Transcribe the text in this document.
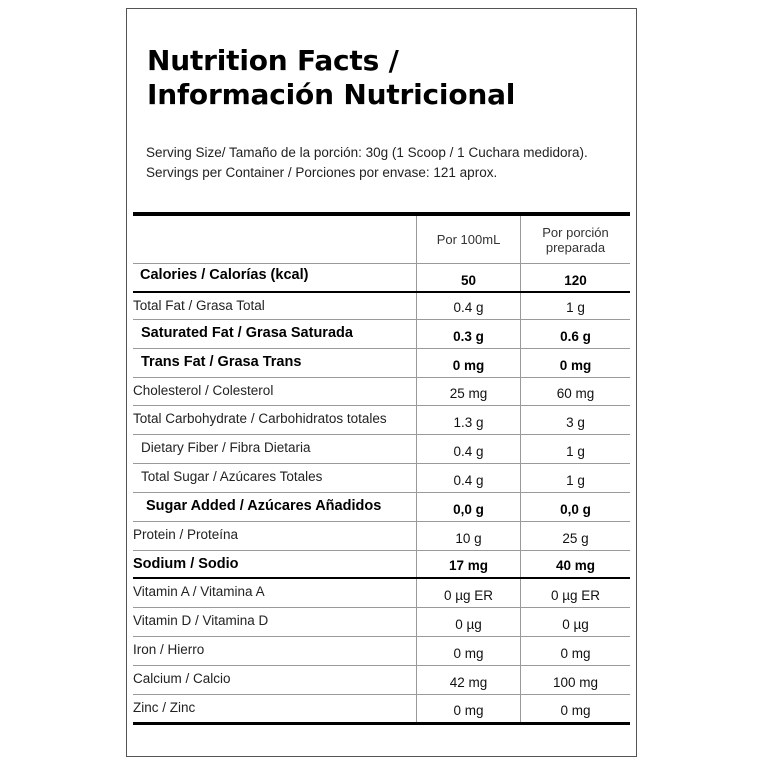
Nutrition Facts /
Información Nutricional
Serving Size/ Tamaño de la porción: 30g (1 Scoop / 1 Cuchara medidora).
Servings per Container / Porciones por envase: 121 aprox.
Por 100mL	Por porción preparada
Calories / Calorías (kcal)	50	120
Total Fat / Grasa Total	0.4 g	1 g
Saturated Fat / Grasa Saturada	0.3 g	0.6 g
Trans Fat / Grasa Trans	0 mg	0 mg
Cholesterol / Colesterol	25 mg	60 mg
Total Carbohydrate / Carbohidratos totales	1.3 g	3 g
Dietary Fiber / Fibra Dietaria	0.4 g	1 g
Total Sugar / Azúcares Totales	0.4 g	1 g
Sugar Added / Azúcares Añadidos	0,0 g	0,0 g
Protein / Proteína	10 g	25 g
Sodium / Sodio	17 mg	40 mg
Vitamin A / Vitamina A	0 µg ER	0 µg ER
Vitamin D / Vitamina D	0 µg	0 µg
Iron / Hierro	0 mg	0 mg
Calcium / Calcio	42 mg	100 mg
Zinc / Zinc	0 mg	0 mg
